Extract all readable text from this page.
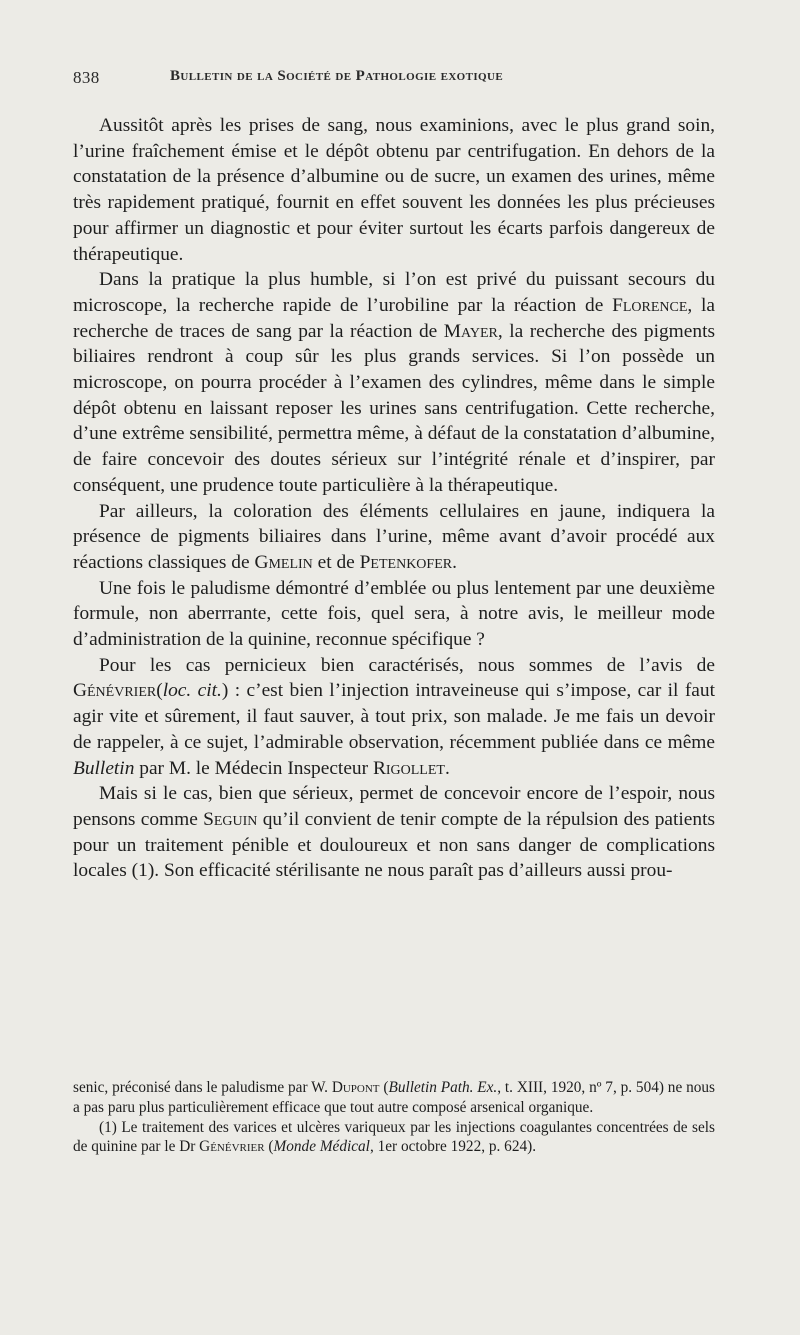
838	Bulletin de la Société de Pathologie exotique

Aussitôt après les prises de sang, nous examinions, avec le plus grand soin, l’urine fraîchement émise et le dépôt obtenu par centrifugation. En dehors de la constatation de la présence d’albumine ou de sucre, un examen des urines, même très rapidement pratiqué, fournit en effet souvent les données les plus précieuses pour affirmer un diagnostic et pour éviter surtout les écarts parfois dangereux de thérapeutique.

Dans la pratique la plus humble, si l’on est privé du puissant secours du microscope, la recherche rapide de l’urobiline par la réaction de Florence, la recherche de traces de sang par la réaction de Mayer, la recherche des pigments biliaires rendront à coup sûr les plus grands services. Si l’on possède un microscope, on pourra procéder à l’examen des cylindres, même dans le simple dépôt obtenu en laissant reposer les urines sans centrifugation. Cette recherche, d’une extrême sensibilité, permettra même, à défaut de la constatation d’albumine, de faire concevoir des doutes sérieux sur l’intégrité rénale et d’inspirer, par conséquent, une prudence toute particulière à la thérapeutique.

Par ailleurs, la coloration des éléments cellulaires en jaune, indiquera la présence de pigments biliaires dans l’urine, même avant d’avoir procédé aux réactions classiques de Gmelin et de Petenkofer.

Une fois le paludisme démontré d’emblée ou plus lentement par une deuxième formule, non aberrrante, cette fois, quel sera, à notre avis, le meilleur mode d’administration de la quinine, reconnue spécifique ?

Pour les cas pernicieux bien caractérisés, nous sommes de l’avis de Génévrier(loc. cit.) : c’est bien l’injection intraveineuse qui s’impose, car il faut agir vite et sûrement, il faut sauver, à tout prix, son malade. Je me fais un devoir de rappeler, à ce sujet, l’admirable observation, récemment publiée dans ce même Bulletin par M. le Médecin Inspecteur Rigollet.

Mais si le cas, bien que sérieux, permet de concevoir encore de l’espoir, nous pensons comme Seguin qu’il convient de tenir compte de la répulsion des patients pour un traitement pénible et douloureux et non sans danger de complications locales (1). Son efficacité stérilisante ne nous paraît pas d’ailleurs aussi prou-

senic, préconisé dans le paludisme par W. Dupont (Bulletin Path. Ex., t. XIII, 1920, nº 7, p. 504) ne nous a pas paru plus particulièrement efficace que tout autre composé arsenical organique.

(1) Le traitement des varices et ulcères variqueux par les injections coagulantes concentrées de sels de quinine par le Dr Génévrier (Monde Médical, 1er octobre 1922, p. 624).
